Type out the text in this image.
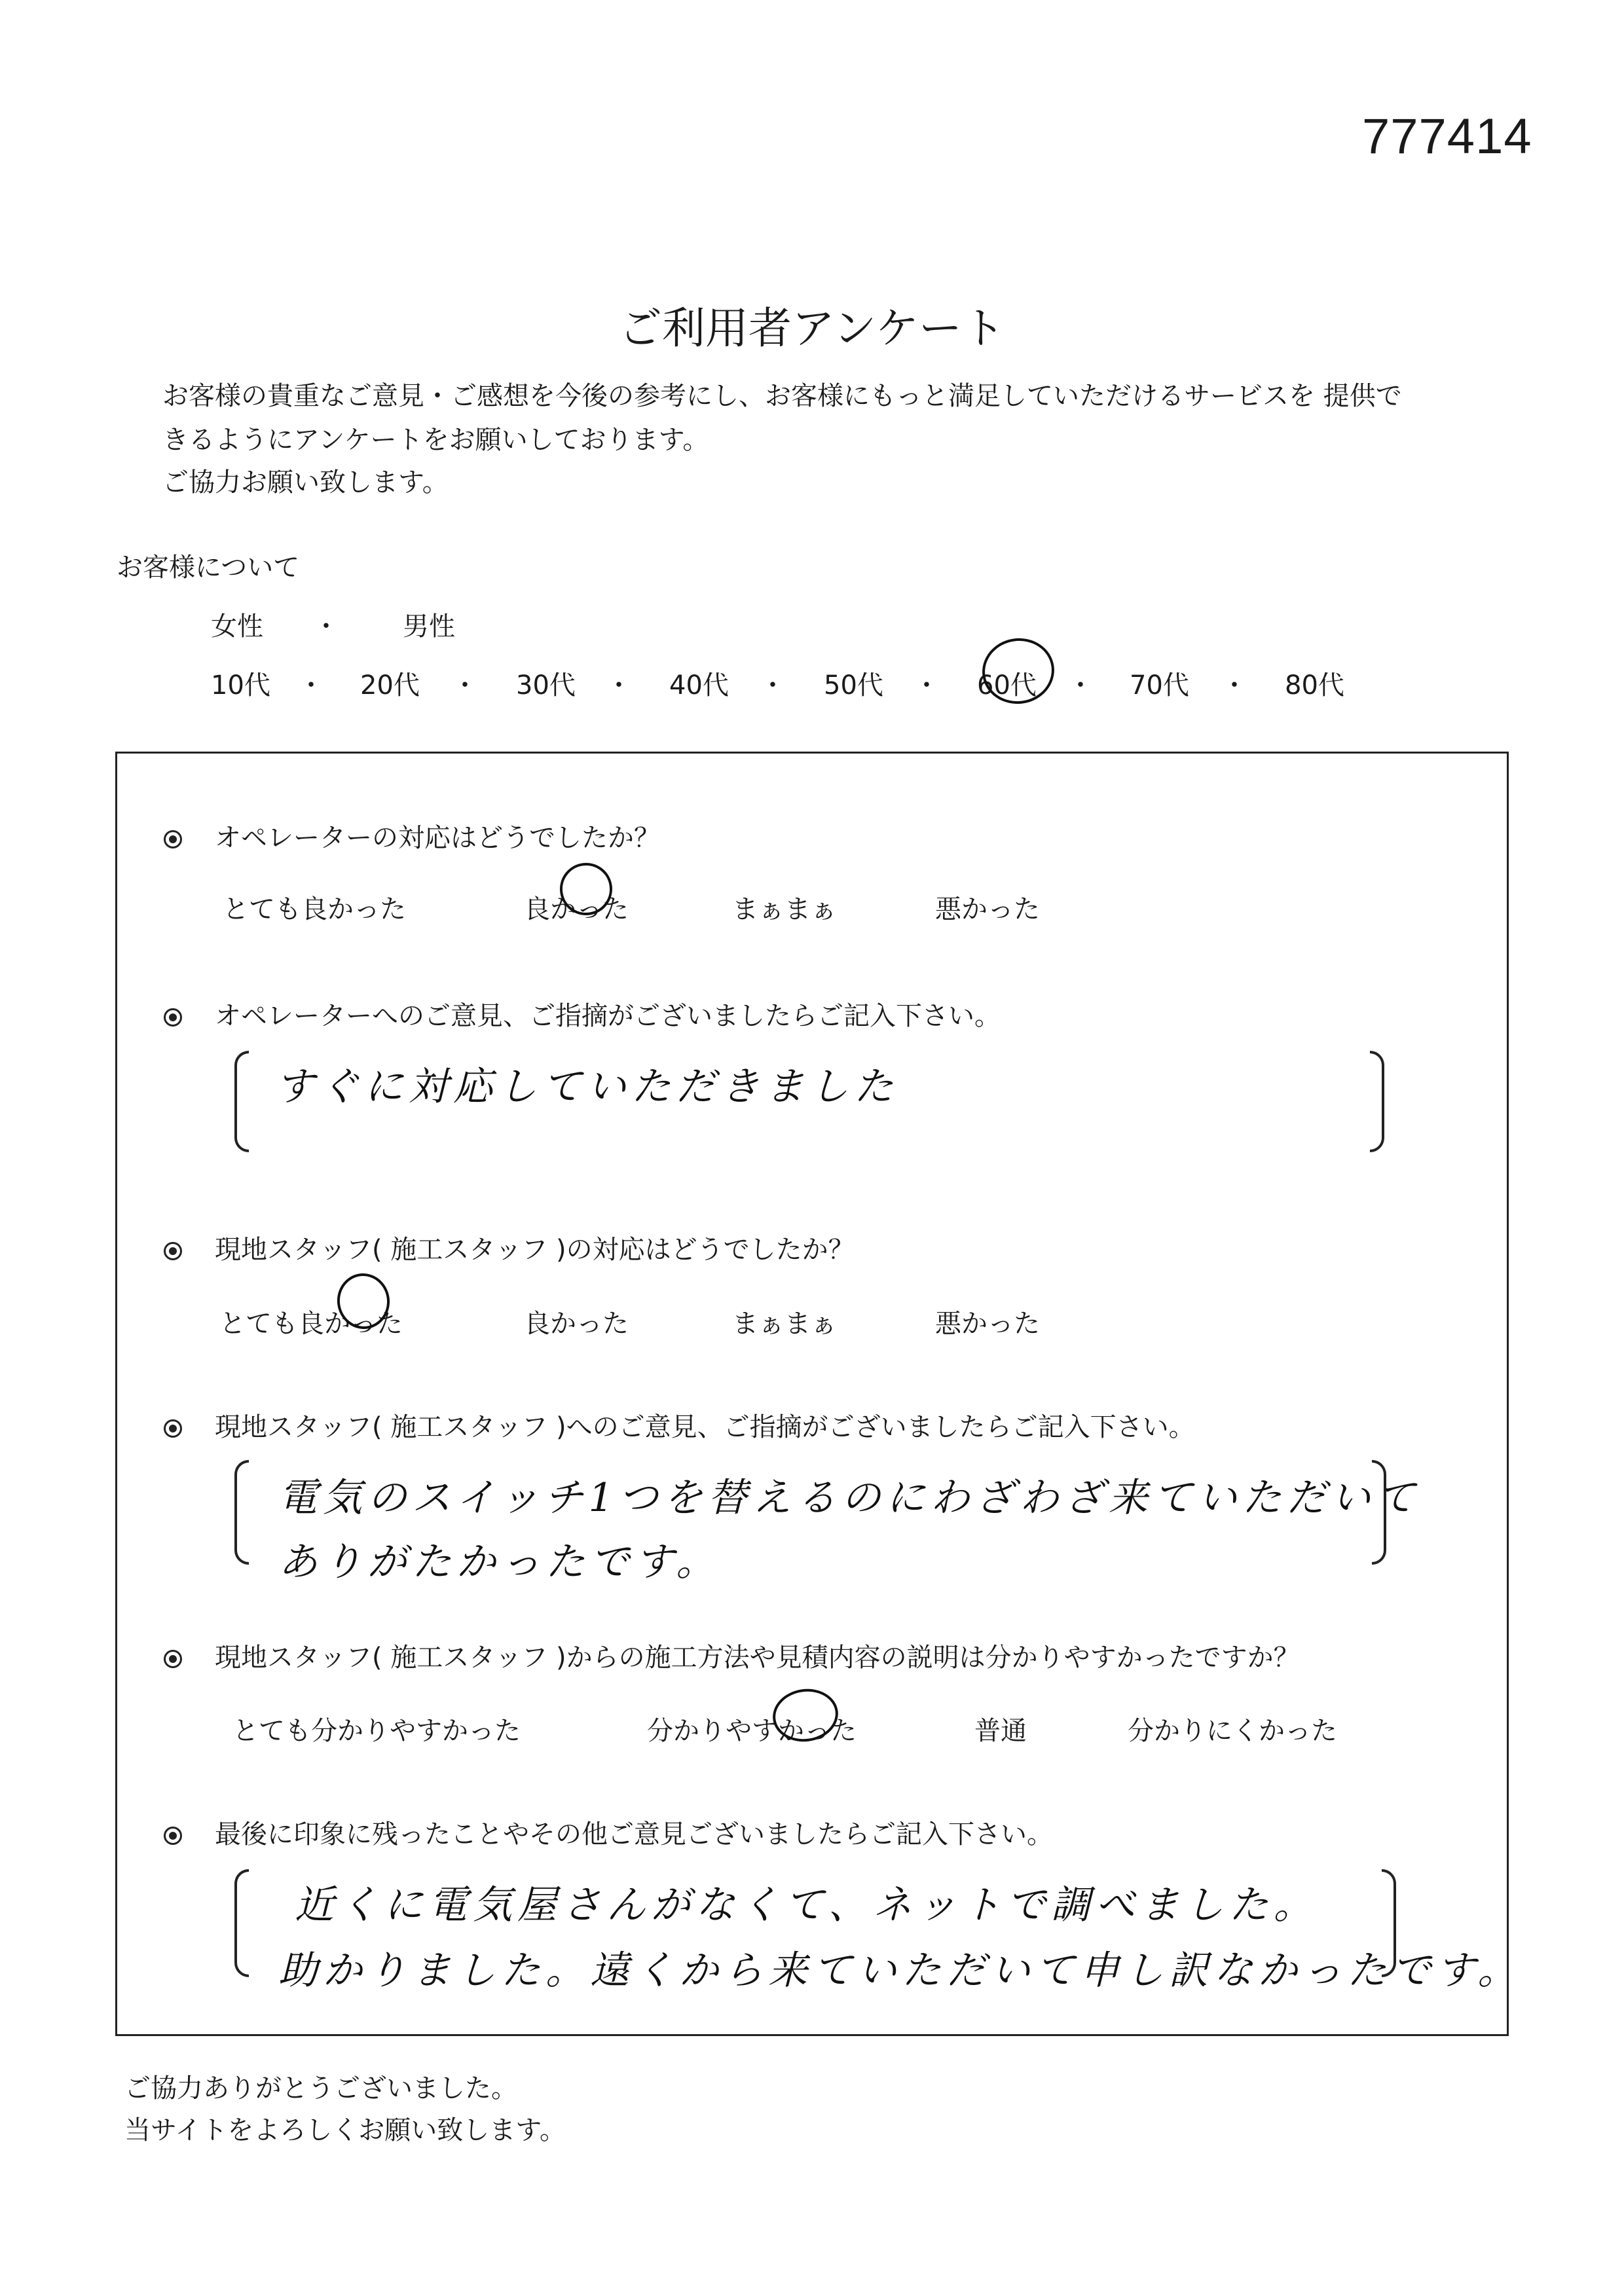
777414
ご利用者アンケート
お客様の貴重なご意見・ご感想を今後の参考にし、お客様にもっと満足していただけるサービスを 提供で
きるようにアンケートをお願いしております。
ご協力お願い致します。
お客様について
女性 ・ 男性
10代 ・ 20代 ・ 30代 ・ 40代 ・ 50代 ・ 60代 ・ 70代 ・ 80代
オペレーターの対応はどうでしたか？
とても良かった	良かった	まぁまぁ	悪かった
オペレーターへのご意見、ご指摘がございましたらご記入下さい。
すぐに対応していただきました
現地スタッフ( 施工スタッフ )の対応はどうでしたか？
とても良かった	良かった	まぁまぁ	悪かった
現地スタッフ( 施工スタッフ )へのご意見、ご指摘がございましたらご記入下さい。
電気のスイッチ1つを替えるのにわざわざ来ていただいて
ありがたかったです。
現地スタッフ( 施工スタッフ )からの施工方法や見積内容の説明は分かりやすかったですか？
とても分かりやすかった	分かりやすかった	普通	分かりにくかった
最後に印象に残ったことやその他ご意見ございましたらご記入下さい。
近くに電気屋さんがなくて、ネットで調べました。
助かりました。遠くから来ていただいて申し訳なかったです。
ご協力ありがとうございました。
当サイトをよろしくお願い致します。
